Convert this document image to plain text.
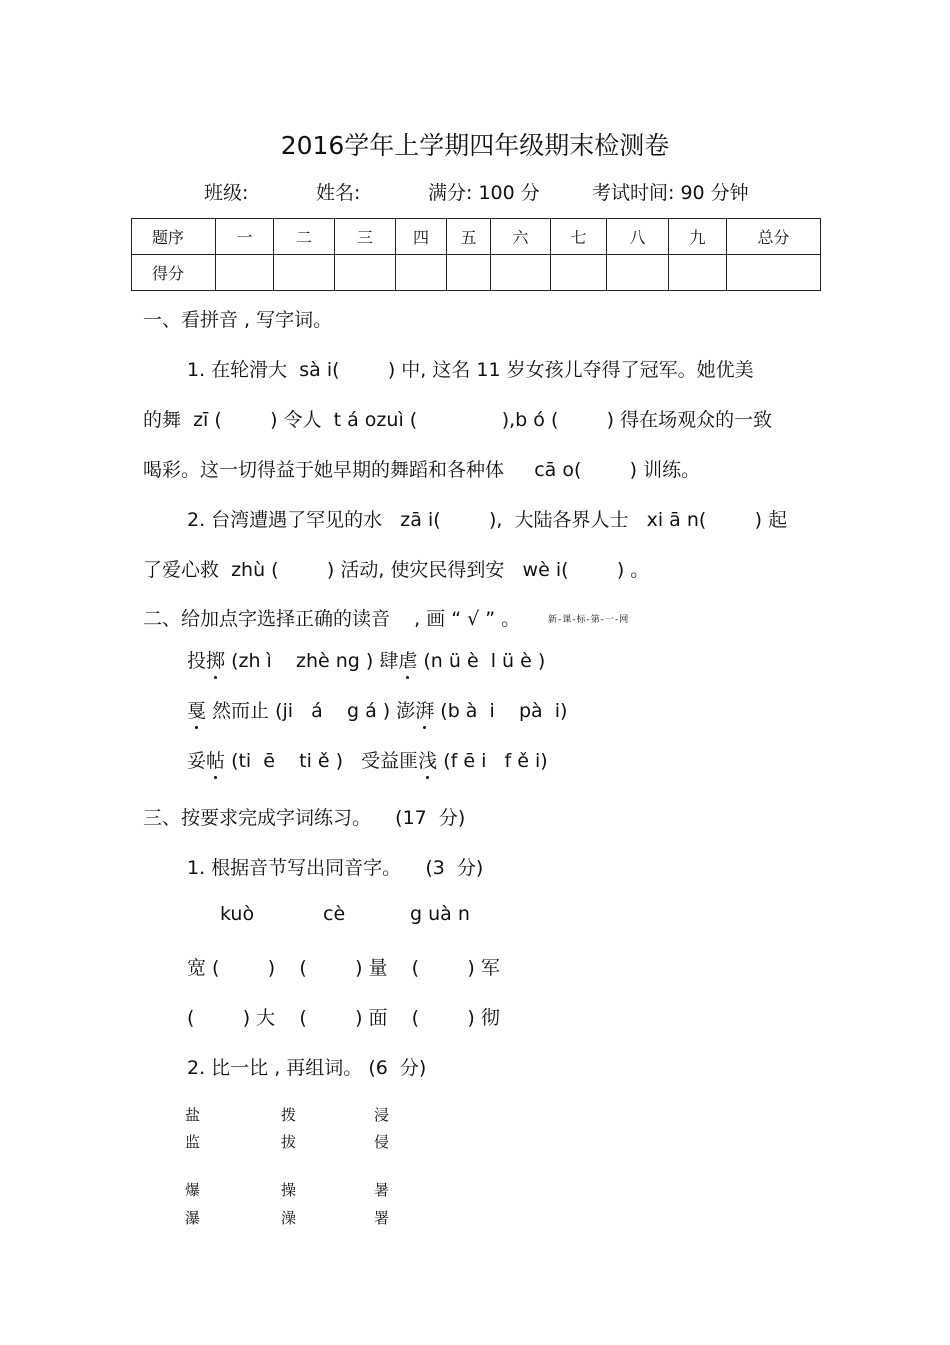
2016学年上学期四年级期末检测卷
班级:	姓名:	满分: 100 分	考试时间: 90 分钟
题序	一	二	三	四	五	六	七	八	九	总分
得分										
一、看拼音 , 写字词。
1. 在轮滑大  sà i(        ) 中, 这名 11 岁女孩儿夺得了冠军。她优美
的舞  zī (        ) 令人  t á ozuì (              ),b ó (        ) 得在场观众的一致
喝彩。这一切得益于她早期的舞蹈和各种体     cā o(        ) 训练。
2. 台湾遭遇了罕见的水   zā i(        ),  大陆各界人士   xi ā n(        ) 起
了爱心救  zhù (        ) 活动, 使灾民得到安   wè i(        ) 。
二、给加点字选择正确的读音    , 画 “ √ ” 。	新-课-标-第-一-网
投掷 (zh ì    zhè ng ) 肆虐 (n ü è  l ü è )
戛 然而止 (ji   á    g á ) 澎湃 (b à  i    pà  i)
妥帖 (ti  ē    ti ě )   受益匪浅 (f ē i   f ě i)
三、按要求完成字词练习。    (17  分)
1. 根据音节写出同音字。    (3  分)
kuò	cè	g uà n
宽 (        )    (        ) 量    (        ) 军
(        ) 大    (        ) 面    (        ) 彻
2. 比一比 , 再组词。 (6  分)
盐	拨	浸
监	拔	侵
爆	操	暑
瀑	澡	署
